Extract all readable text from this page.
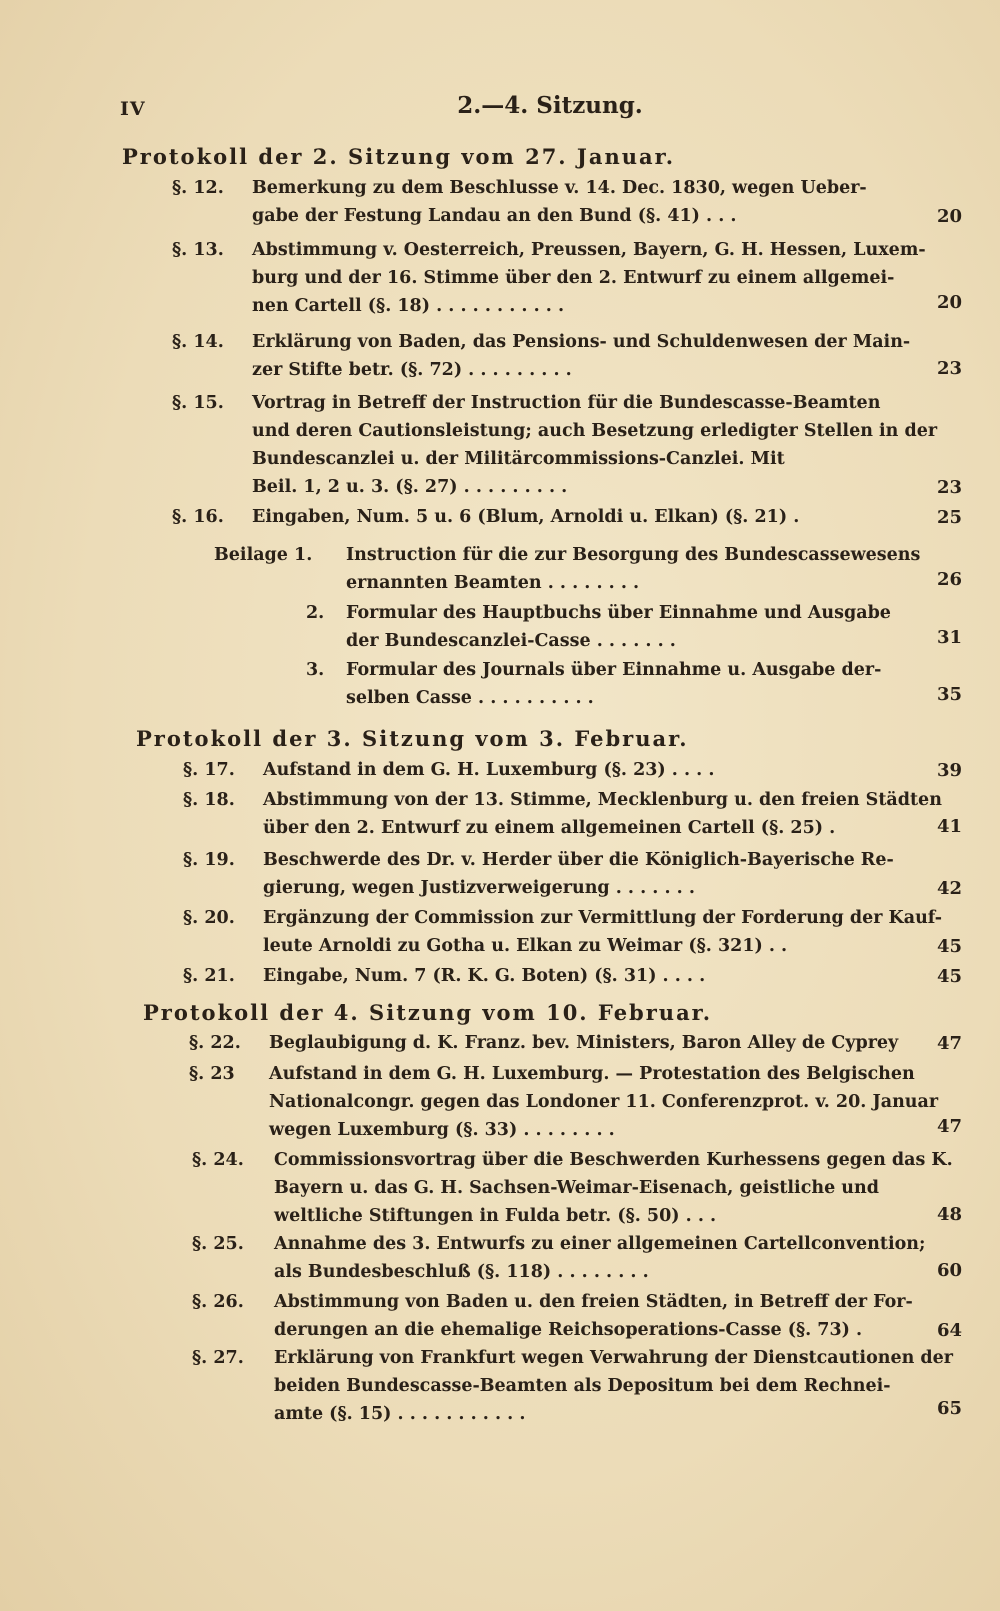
IV	2.—4. Sitzung.
Protokoll der 2. Sitzung vom 27. Januar.
§. 12. Bemerkung zu dem Beschlusse v. 14. Dec. 1830, wegen Ueber-
gabe der Festung Landau an den Bund (§. 41) . . .	20
§. 13. Abstimmung v. Oesterreich, Preussen, Bayern, G. H. Hessen, Luxem-
burg und der 16. Stimme über den 2. Entwurf zu einem allgemei-
nen Cartell (§. 18) . . . . . . . . . . .	20
§. 14. Erklärung von Baden, das Pensions- und Schuldenwesen der Main-
zer Stifte betr. (§. 72) . . . . . . . . .	23
§. 15. Vortrag in Betreff der Instruction für die Bundescasse-Beamten
und deren Cautionsleistung; auch Besetzung erledigter Stellen in der
Bundescanzlei u. der Militärcommissions-Canzlei. Mit
Beil. 1, 2 u. 3. (§. 27) . . . . . . . . .	23
§. 16. Eingaben, Num. 5 u. 6 (Blum, Arnoldi u. Elkan) (§. 21) .	25
Beilage 1. Instruction für die zur Besorgung des Bundescassewesens
ernannten Beamten . . . . . . . .	26
2. Formular des Hauptbuchs über Einnahme und Ausgabe
der Bundescanzlei-Casse . . . . . . .	31
3. Formular des Journals über Einnahme u. Ausgabe der-
selben Casse . . . . . . . . . .	35
Protokoll der 3. Sitzung vom 3. Februar.
§. 17. Aufstand in dem G. H. Luxemburg (§. 23) . . . .	39
§. 18. Abstimmung von der 13. Stimme, Mecklenburg u. den freien Städten
über den 2. Entwurf zu einem allgemeinen Cartell (§. 25) .	41
§. 19. Beschwerde des Dr. v. Herder über die Königlich-Bayerische Re-
gierung, wegen Justizverweigerung . . . . . . .	42
§. 20. Ergänzung der Commission zur Vermittlung der Forderung der Kauf-
leute Arnoldi zu Gotha u. Elkan zu Weimar (§. 321) . .	45
§. 21. Eingabe, Num. 7 (R. K. G. Boten) (§. 31) . . . .	45
Protokoll der 4. Sitzung vom 10. Februar.
§. 22. Beglaubigung d. K. Franz. bev. Ministers, Baron Alley de Cyprey	47
§. 23 Aufstand in dem G. H. Luxemburg. — Protestation des Belgischen
Nationalcongr. gegen das Londoner 11. Conferenzprot. v. 20. Januar
wegen Luxemburg (§. 33) . . . . . . . .	47
§. 24. Commissionsvortrag über die Beschwerden Kurhessens gegen das K.
Bayern u. das G. H. Sachsen-Weimar-Eisenach, geistliche und
weltliche Stiftungen in Fulda betr. (§. 50) . . .	48
§. 25. Annahme des 3. Entwurfs zu einer allgemeinen Cartellconvention;
als Bundesbeschluß (§. 118) . . . . . . . .	60
§. 26. Abstimmung von Baden u. den freien Städten, in Betreff der For-
derungen an die ehemalige Reichsoperations-Casse (§. 73) .	64
§. 27. Erklärung von Frankfurt wegen Verwahrung der Dienstcautionen der
beiden Bundescasse-Beamten als Depositum bei dem Rechnei-
amte (§. 15) . . . . . . . . . . .	65
